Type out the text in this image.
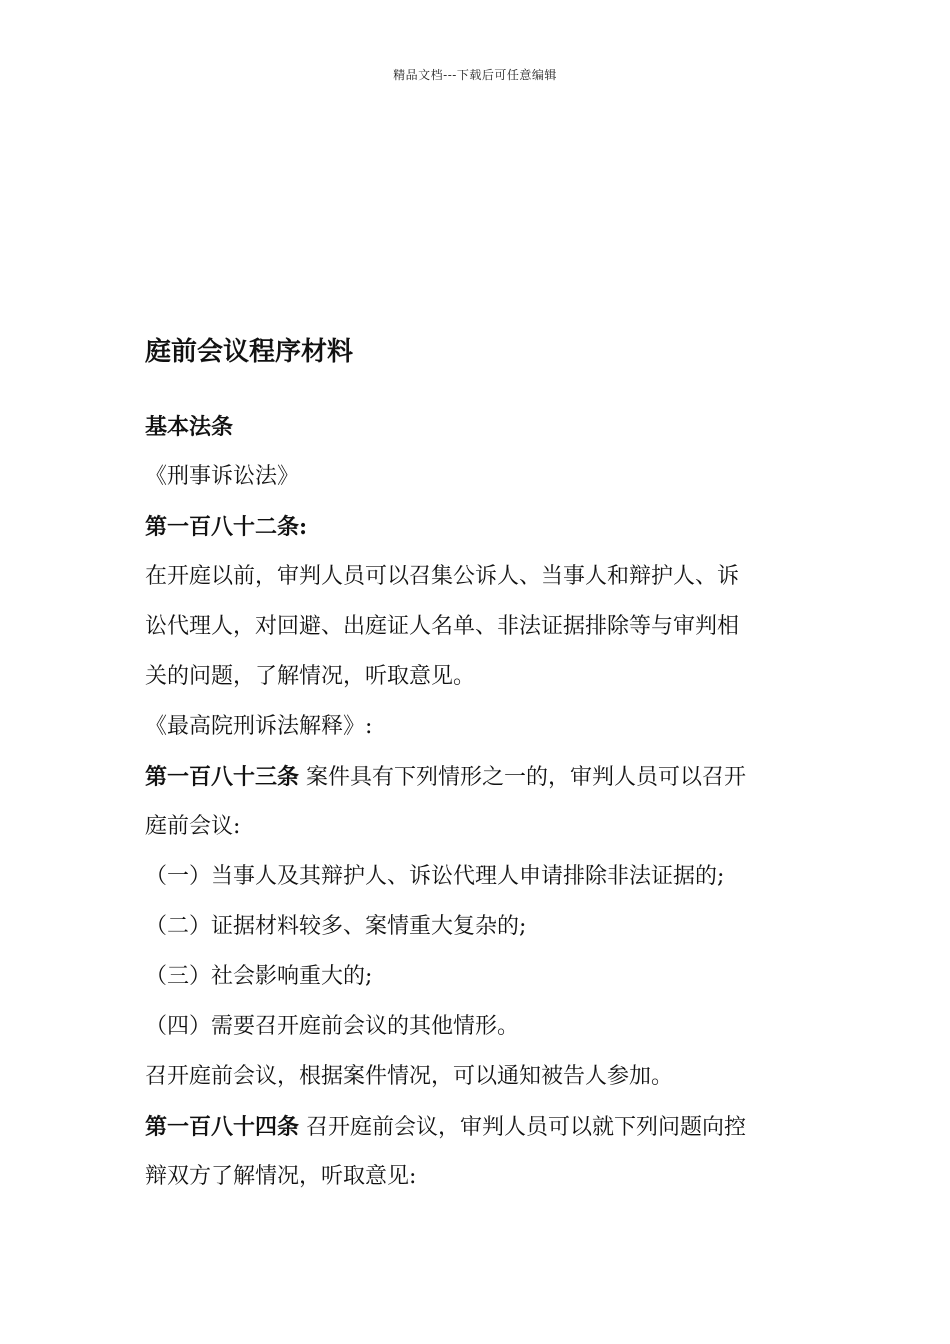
精品文档---下载后可任意编辑
庭前会议程序材料

基本法条

《刑事诉讼法》

第一百八十二条:

在开庭以前，审判人员可以召集公诉人、当事人和辩护人、诉

讼代理人，对回避、出庭证人名单、非法证据排除等与审判相

关的问题，了解情况，听取意见。

《最高院刑诉法解释》:

第一百八十三条 案件具有下列情形之一的，审判人员可以召开

庭前会议:

（一）当事人及其辩护人、诉讼代理人申请排除非法证据的;

（二）证据材料较多、案情重大复杂的;

（三）社会影响重大的;

（四）需要召开庭前会议的其他情形。

召开庭前会议，根据案件情况，可以通知被告人参加。

第一百八十四条 召开庭前会议，审判人员可以就下列问题向控

辩双方了解情况，听取意见:
